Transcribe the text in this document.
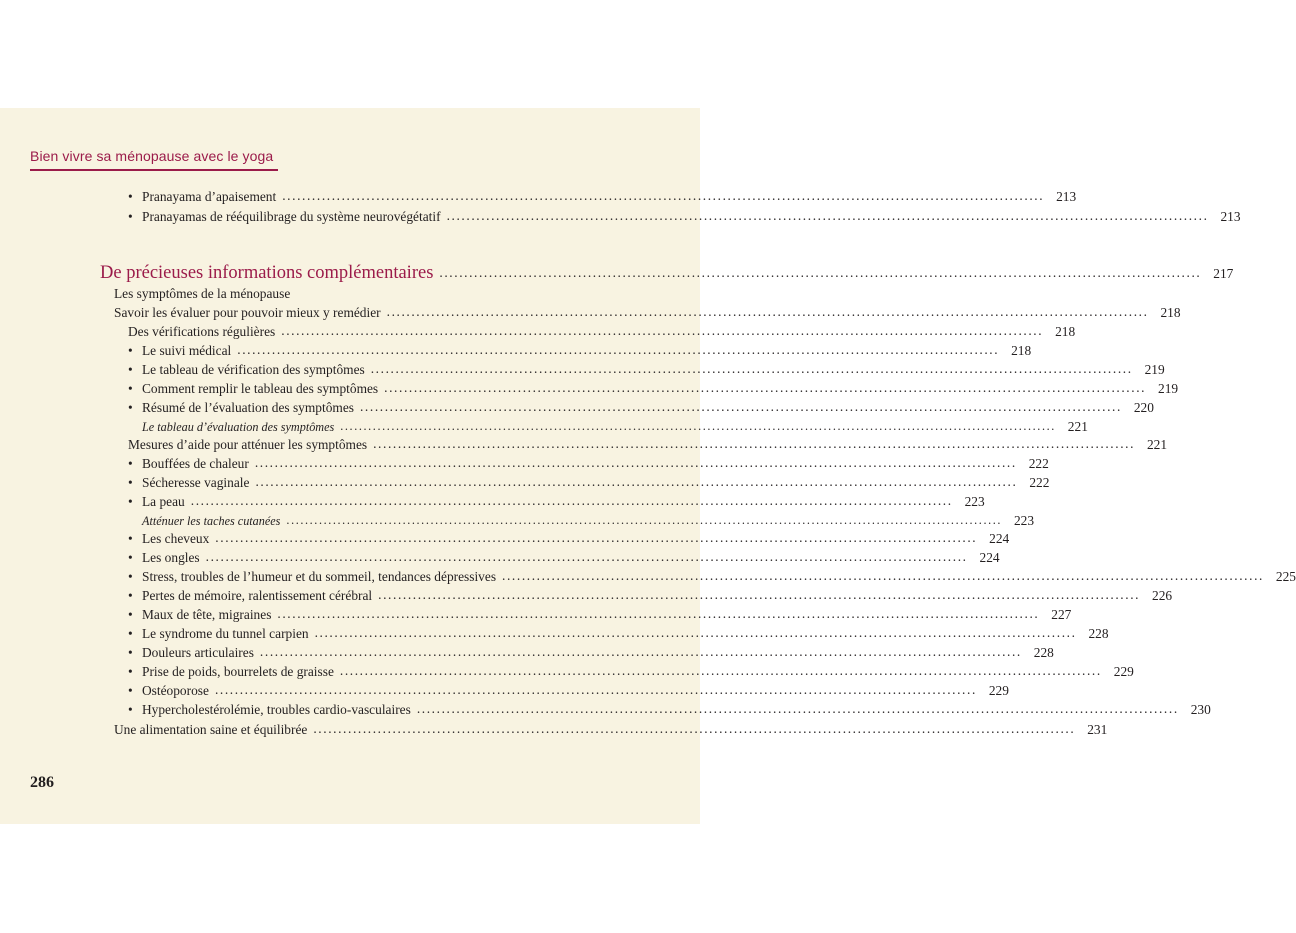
Bien vivre sa ménopause avec le yoga
• Pranayama d’apaisement .......................................................................................................................................................... 213
• Pranayamas de rééquilibrage du système neurovégétatif .......................................................................................................................................................... 213
De précieuses informations complémentaires .......................................................................................................................................................... 217
Les symptômes de la ménopause
Savoir les évaluer pour pouvoir mieux y remédier .......................................................................................................................................................... 218
Des vérifications régulières .......................................................................................................................................................... 218
• Le suivi médical .......................................................................................................................................................... 218
• Le tableau de vérification des symptômes .......................................................................................................................................................... 219
• Comment remplir le tableau des symptômes .......................................................................................................................................................... 219
• Résumé de l’évaluation des symptômes .......................................................................................................................................................... 220
Le tableau d’évaluation des symptômes .......................................................................................................................................................... 221
Mesures d’aide pour atténuer les symptômes .......................................................................................................................................................... 221
• Bouffées de chaleur .......................................................................................................................................................... 222
• Sécheresse vaginale .......................................................................................................................................................... 222
• La peau .......................................................................................................................................................... 223
Atténuer les taches cutanées .......................................................................................................................................................... 223
• Les cheveux .......................................................................................................................................................... 224
• Les ongles .......................................................................................................................................................... 224
• Stress, troubles de l’humeur et du sommeil, tendances dépressives .......................................................................................................................................................... 225
• Pertes de mémoire, ralentissement cérébral .......................................................................................................................................................... 226
• Maux de tête, migraines .......................................................................................................................................................... 227
• Le syndrome du tunnel carpien .......................................................................................................................................................... 228
• Douleurs articulaires .......................................................................................................................................................... 228
• Prise de poids, bourrelets de graisse .......................................................................................................................................................... 229
• Ostéoporose .......................................................................................................................................................... 229
• Hypercholestérolémie, troubles cardio-vasculaires .......................................................................................................................................................... 230
Une alimentation saine et équilibrée .......................................................................................................................................................... 231
286
